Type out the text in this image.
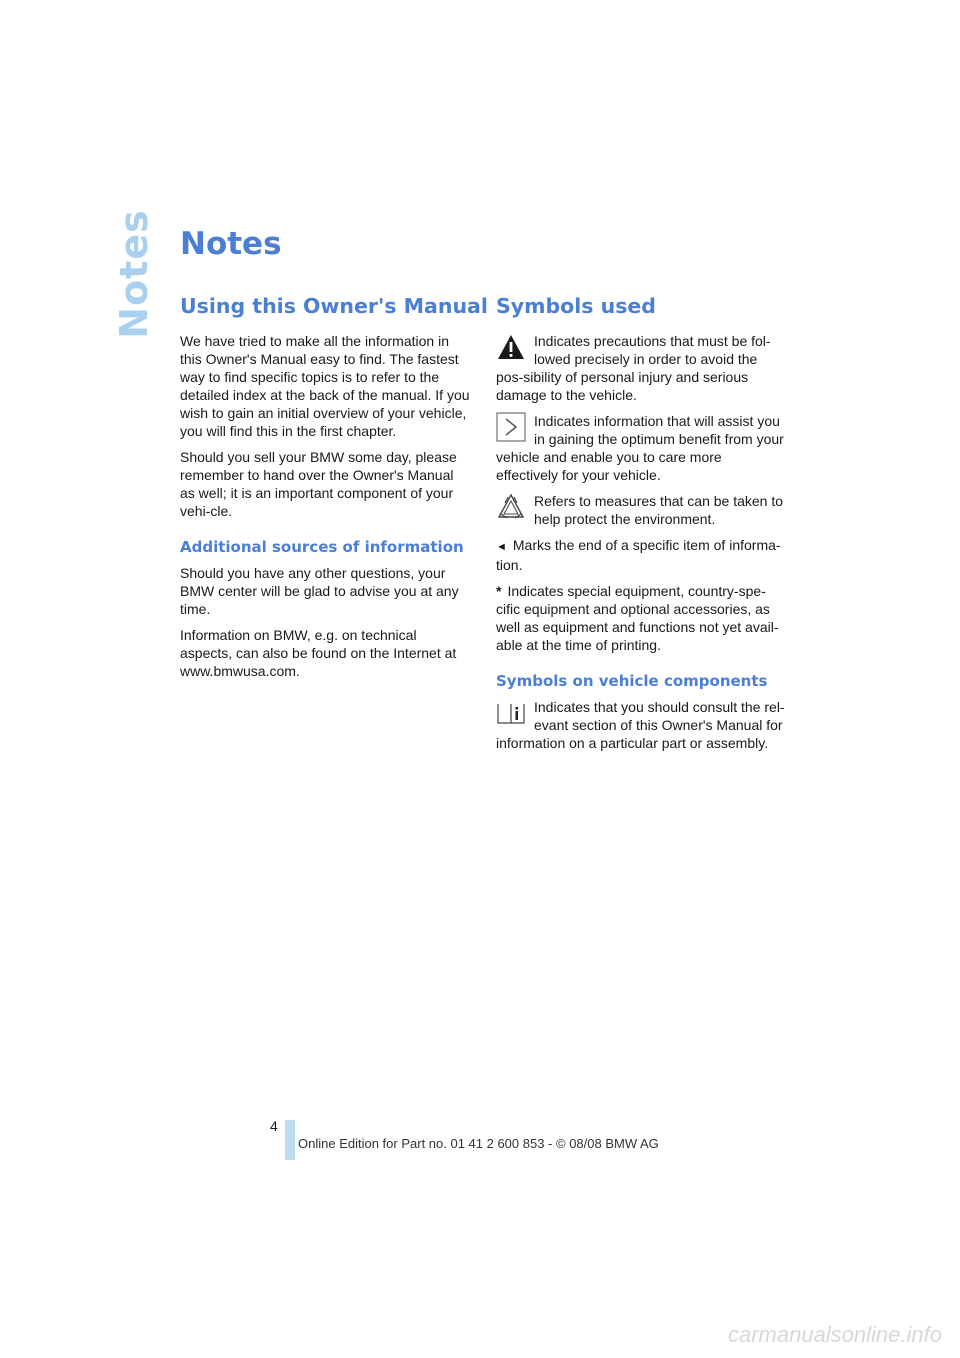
Notes Notes
Using this Owner's Manual

We have tried to make all the information in this Owner's Manual easy to find. The fastest way to find specific topics is to refer to the detailed index at the back of the manual. If you wish to gain an initial overview of your vehicle, you will find this in the first chapter.

Should you sell your BMW some day, please remember to hand over the Owner's Manual as well; it is an important component of your vehi-cle.

Additional sources of information

Should you have any other questions, your BMW center will be glad to advise you at any time.

Information on BMW, e.g. on technical aspects, can also be found on the Internet at www.bmwusa.com.

Symbols used
Indicates precautions that must be fol-lowed precisely in order to avoid the pos-sibility of personal injury and serious damage to the vehicle.
Indicates information that will assist you in gaining the optimum benefit from your vehicle and enable you to care more effectively for your vehicle.
Refers to measures that can be taken to help protect the environment.

◄ Marks the end of a specific item of informa-tion.

* Indicates special equipment, country-spe-cific equipment and optional accessories, as well as equipment and functions not yet avail-able at the time of printing.

Symbols on vehicle components
Indicates that you should consult the rel-evant section of this Owner's Manual for information on a particular part or assembly.
4
Online Edition for Part no. 01 41 2 600 853 - © 08/08 BMW AG
carmanualsonline.info
